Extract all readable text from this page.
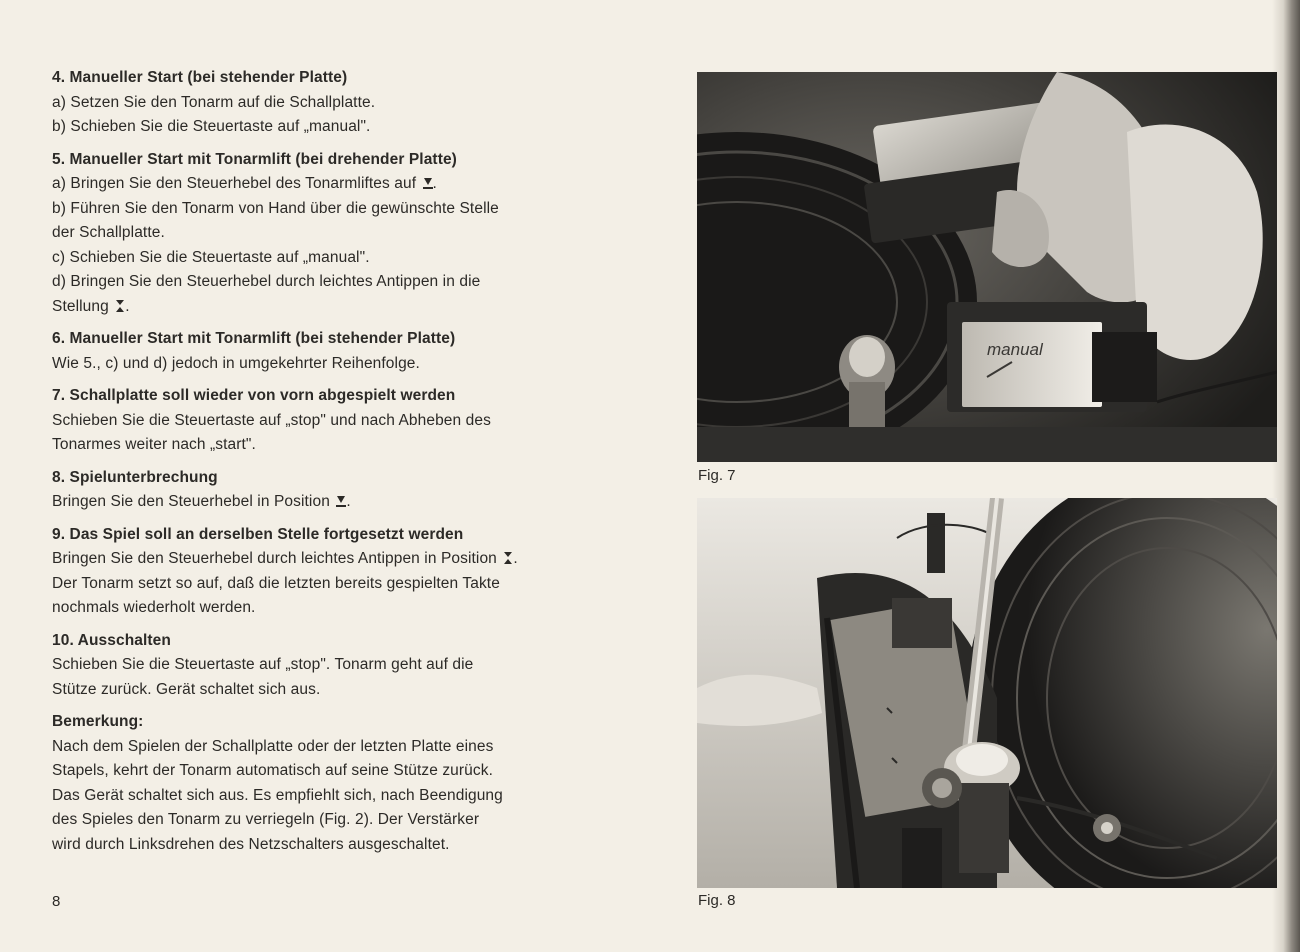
4. Manueller Start (bei stehender Platte)
a) Setzen Sie den Tonarm auf die Schallplatte.
b) Schieben Sie die Steuertaste auf „manual".
5. Manueller Start mit Tonarmlift (bei drehender Platte)
a) Bringen Sie den Steuerhebel des Tonarmliftes auf .
b) Führen Sie den Tonarm von Hand über die gewünschte Stelle
der Schallplatte.
c) Schieben Sie die Steuertaste auf „manual".
d) Bringen Sie den Steuerhebel durch leichtes Antippen in die
Stellung .
6. Manueller Start mit Tonarmlift (bei stehender Platte)
Wie 5., c) und d) jedoch in umgekehrter Reihenfolge.
7. Schallplatte soll wieder von vorn abgespielt werden
Schieben Sie die Steuertaste auf „stop" und nach Abheben des
Tonarmes weiter nach „start".
8. Spielunterbrechung
Bringen Sie den Steuerhebel in Position .
9. Das Spiel soll an derselben Stelle fortgesetzt werden
Bringen Sie den Steuerhebel durch leichtes Antippen in Position .
Der Tonarm setzt so auf, daß die letzten bereits gespielten Takte
nochmals wiederholt werden.
10. Ausschalten
Schieben Sie die Steuertaste auf „stop". Tonarm geht auf die
Stütze zurück. Gerät schaltet sich aus.
Bemerkung:
Nach dem Spielen der Schallplatte oder der letzten Platte eines
Stapels, kehrt der Tonarm automatisch auf seine Stütze zurück.
Das Gerät schaltet sich aus. Es empfiehlt sich, nach Beendigung
des Spieles den Tonarm zu verriegeln (Fig. 2). Der Verstärker
wird durch Linksdrehen des Netzschalters ausgeschaltet.
8
manual
Fig. 7
Fig. 8
